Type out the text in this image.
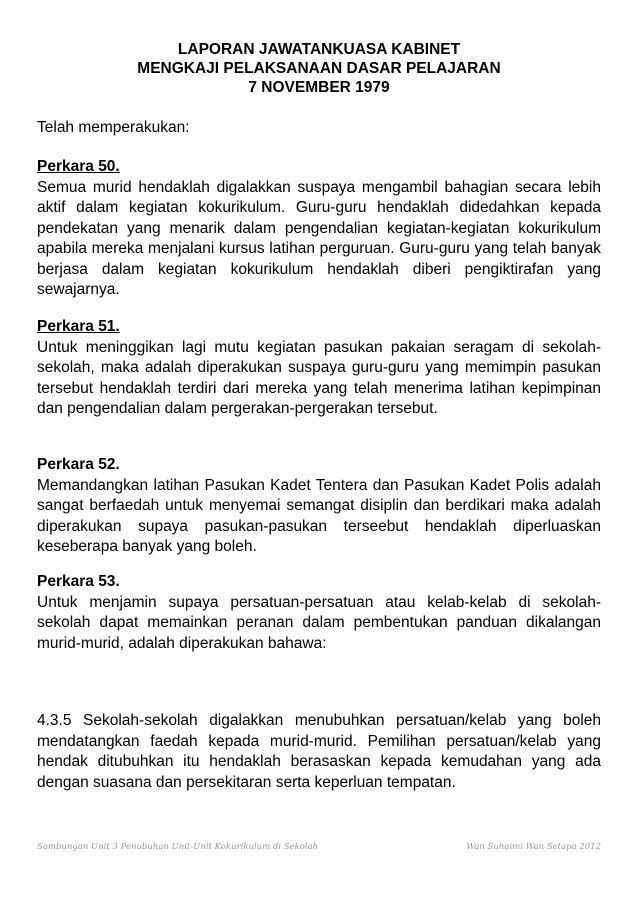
LAPORAN JAWATANKUASA KABINET
MENGKAJI PELAKSANAAN DASAR PELAJARAN
7 NOVEMBER 1979
Telah memperakukan:
Perkara 50.

Semua murid hendaklah digalakkan suspaya mengambil bahagian secara lebih aktif dalam kegiatan kokurikulum. Guru-guru hendaklah didedahkan kepada pendekatan yang menarik dalam pengendalian kegiatan-kegiatan kokurikulum apabila mereka menjalani kursus latihan perguruan. Guru-guru yang telah banyak berjasa dalam kegiatan kokurikulum hendaklah diberi pengiktirafan yang sewajarnya.

Perkara 51.

Untuk meninggikan lagi mutu kegiatan pasukan pakaian seragam di sekolah-sekolah, maka adalah diperakukan suspaya guru-guru yang memimpin pasukan tersebut hendaklah terdiri dari mereka yang telah menerima latihan kepimpinan dan pengendalian dalam pergerakan-pergerakan tersebut.

Perkara 52.

Memandangkan latihan Pasukan Kadet Tentera dan Pasukan Kadet Polis adalah sangat berfaedah untuk menyemai semangat disiplin dan berdikari maka adalah diperakukan supaya pasukan-pasukan terseebut hendaklah diperluaskan keseberapa banyak yang boleh.

Perkara 53.

Untuk menjamin supaya persatuan-persatuan atau kelab-kelab di sekolah-sekolah dapat memainkan peranan dalam pembentukan panduan dikalangan murid-murid, adalah diperakukan bahawa:

4.3.5 Sekolah-sekolah digalakkan menubuhkan persatuan/kelab yang boleh mendatangkan faedah kepada murid-murid. Pemilihan persatuan/kelab yang hendak ditubuhkan itu hendaklah berasaskan kepada kemudahan yang ada dengan suasana dan persekitaran serta keperluan tempatan.

Sambungan Unit 3 Penubuhan Unit-Unit Kokurikulum di Sekolah	Wan Suhaimi Wan Setapa 2012
